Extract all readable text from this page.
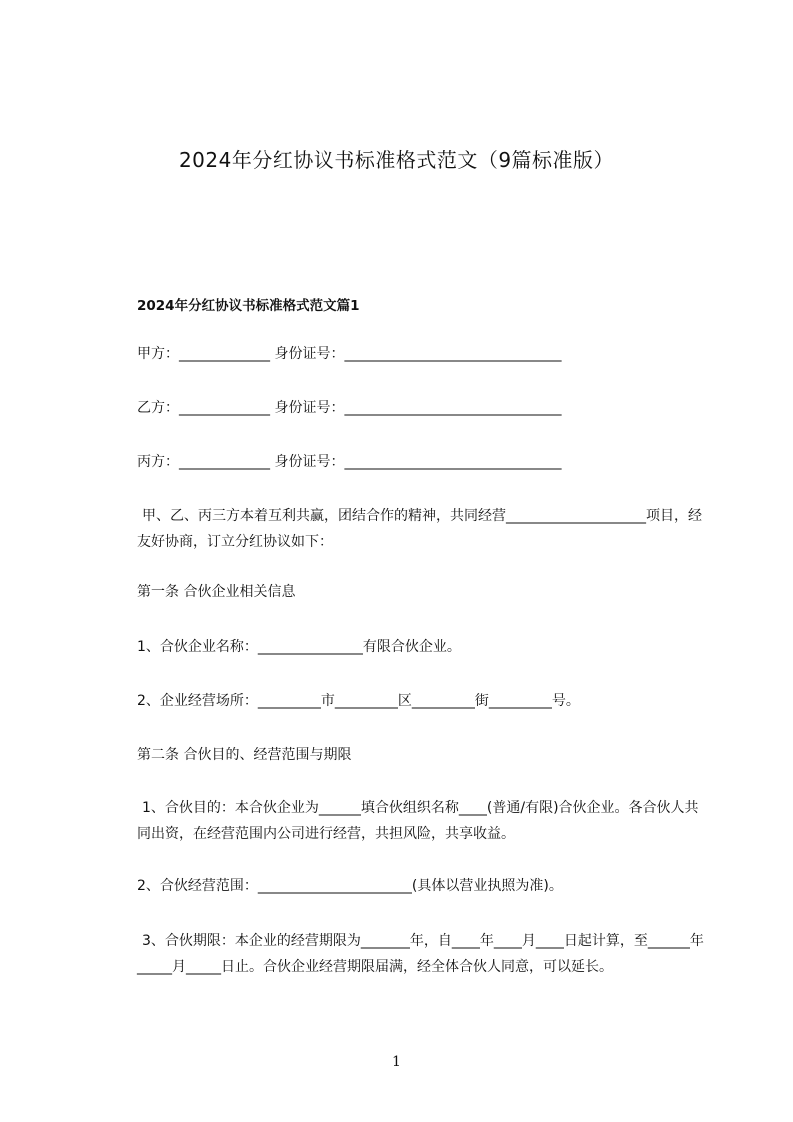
2024年分红协议书标准格式范文（9篇标准版）
2024年分红协议书标准格式范文篇1
甲方：_____________ 身份证号：_______________________________
乙方：_____________ 身份证号：_______________________________
丙方：_____________ 身份证号：_______________________________
甲、乙、丙三方本着互利共赢，团结合作的精神，共同经营____________________项目，经友好协商，订立分红协议如下：
第一条 合伙企业相关信息
1、合伙企业名称：_______________有限合伙企业。
2、企业经营场所：_________市_________区_________街_________号。
第二条 合伙目的、经营范围与期限
1、合伙目的：本合伙企业为______填合伙组织名称____(普通/有限)合伙企业。各合伙人共同出资，在经营范围内公司进行经营，共担风险，共享收益。
2、合伙经营范围：______________________(具体以营业执照为准)。
3、合伙期限：本企业的经营期限为_______年，自____年____月____日起计算，至______年_____月_____日止。合伙企业经营期限届满，经全体合伙人同意，可以延长。
1
